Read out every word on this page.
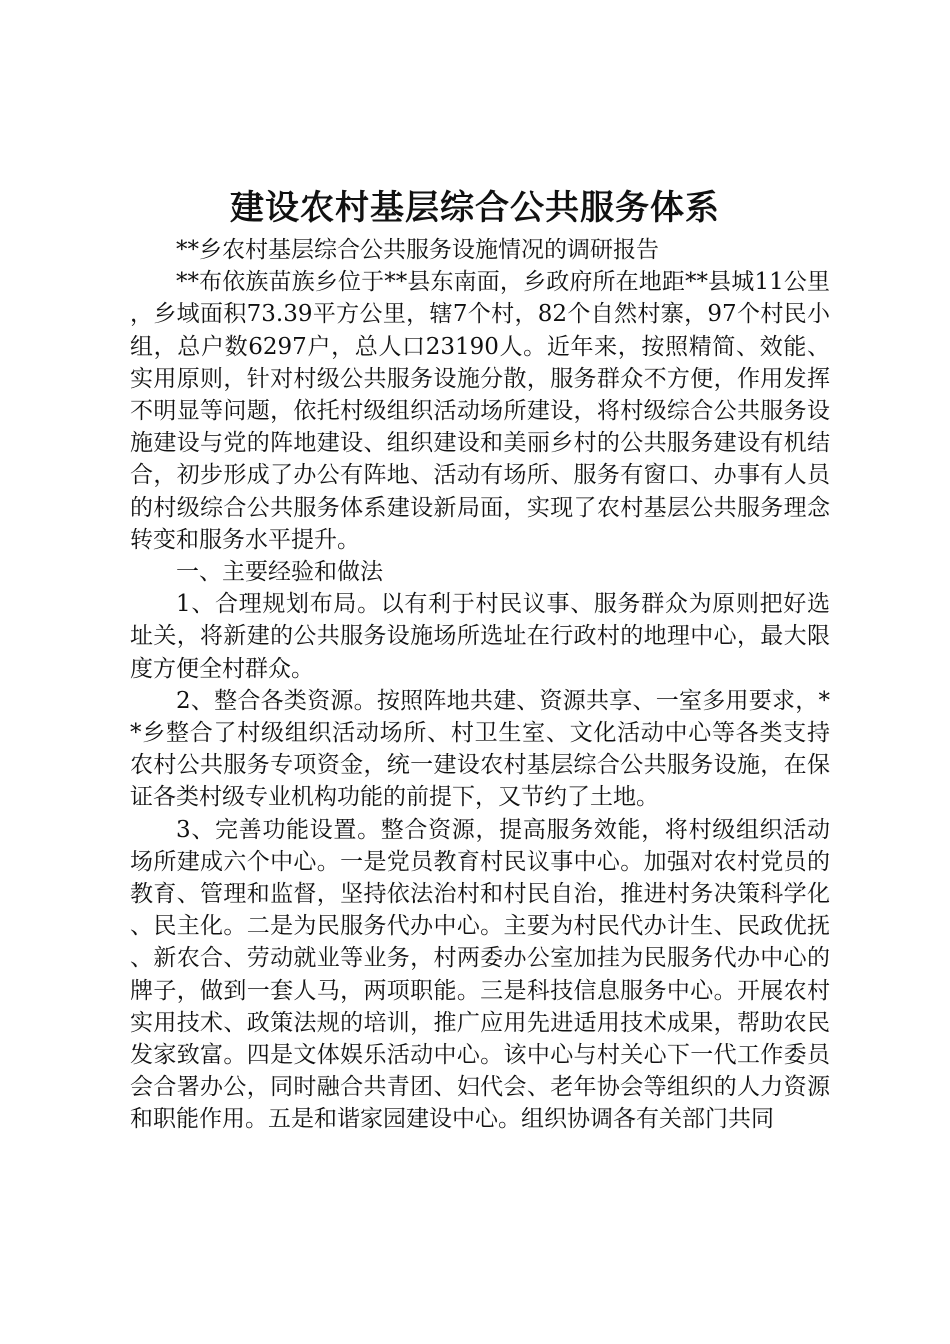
建设农村基层综合公共服务体系

**乡农村基层综合公共服务设施情况的调研报告

**布依族苗族乡位于**县东南面，乡政府所在地距**县城11公里，乡域面积73.39平方公里，辖7个村，82个自然村寨，97个村民小组，总户数6297户，总人口23190人。近年来，按照精简、效能、实用原则，针对村级公共服务设施分散，服务群众不方便，作用发挥不明显等问题，依托村级组织活动场所建设，将村级综合公共服务设施建设与党的阵地建设、组织建设和美丽乡村的公共服务建设有机结合，初步形成了办公有阵地、活动有场所、服务有窗口、办事有人员的村级综合公共服务体系建设新局面，实现了农村基层公共服务理念转变和服务水平提升。

一、主要经验和做法

1、合理规划布局。以有利于村民议事、服务群众为原则把好选址关，将新建的公共服务设施场所选址在行政村的地理中心，最大限度方便全村群众。

2、整合各类资源。按照阵地共建、资源共享、一室多用要求，**乡整合了村级组织活动场所、村卫生室、文化活动中心等各类支持农村公共服务专项资金，统一建设农村基层综合公共服务设施，在保证各类村级专业机构功能的前提下，又节约了土地。

3、完善功能设置。整合资源，提高服务效能，将村级组织活动场所建成六个中心。一是党员教育村民议事中心。加强对农村党员的教育、管理和监督，坚持依法治村和村民自治，推进村务决策科学化、民主化。二是为民服务代办中心。主要为村民代办计生、民政优抚、新农合、劳动就业等业务，村两委办公室加挂为民服务代办中心的牌子，做到一套人马，两项职能。三是科技信息服务中心。开展农村实用技术、政策法规的培训，推广应用先进适用技术成果，帮助农民发家致富。四是文体娱乐活动中心。该中心与村关心下一代工作委员会合署办公，同时融合共青团、妇代会、老年协会等组织的人力资源和职能作用。五是和谐家园建设中心。组织协调各有关部门共同
